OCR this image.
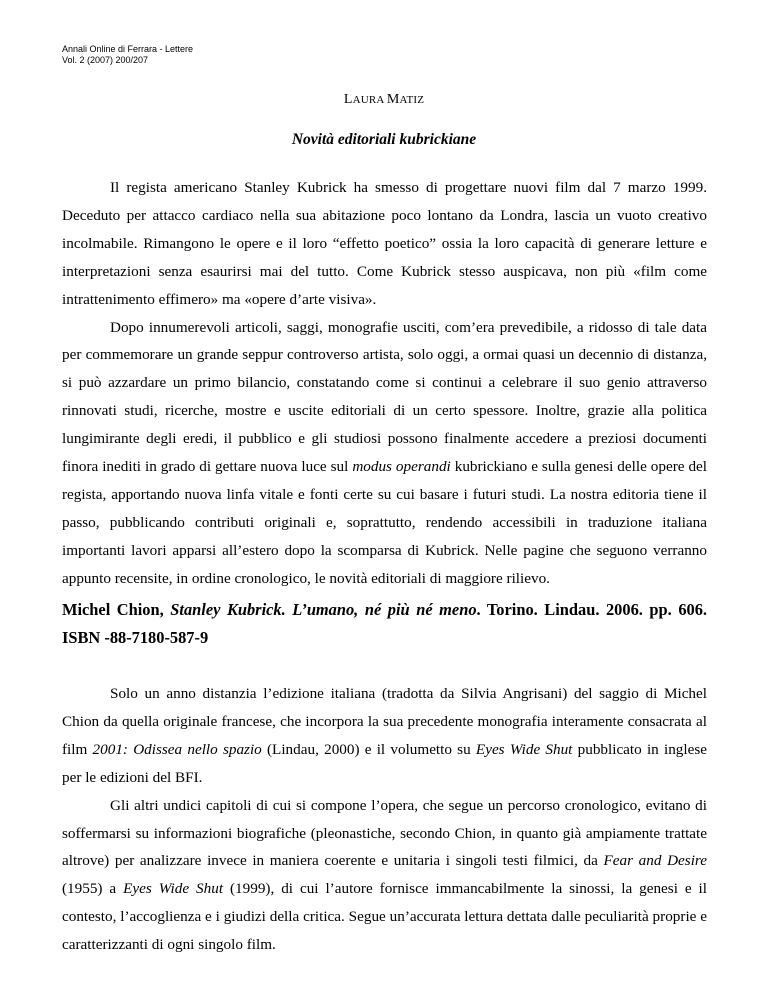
Annali Online di Ferrara - Lettere
Vol. 2 (2007) 200/207
LAURA MATIZ
Novità editoriali kubrickiane

Il regista americano Stanley Kubrick ha smesso di progettare nuovi film dal 7 marzo 1999. Deceduto per attacco cardiaco nella sua abitazione poco lontano da Londra, lascia un vuoto creativo incolmabile. Rimangono le opere e il loro “effetto poetico” ossia la loro capacità di generare letture e interpretazioni senza esaurirsi mai del tutto. Come Kubrick stesso auspicava, non più «film come intrattenimento effimero» ma «opere d’arte visiva».

Dopo innumerevoli articoli, saggi, monografie usciti, com’era prevedibile, a ridosso di tale data per commemorare un grande seppur controverso artista, solo oggi, a ormai quasi un decennio di distanza, si può azzardare un primo bilancio, constatando come si continui a celebrare il suo genio attraverso rinnovati studi, ricerche, mostre e uscite editoriali di un certo spessore. Inoltre, grazie alla politica lungimirante degli eredi, il pubblico e gli studiosi possono finalmente accedere a preziosi documenti finora inediti in grado di gettare nuova luce sul modus operandi kubrickiano e sulla genesi delle opere del regista, apportando nuova linfa vitale e fonti certe su cui basare i futuri studi. La nostra editoria tiene il passo, pubblicando contributi originali e, soprattutto, rendendo accessibili in traduzione italiana importanti lavori apparsi all’estero dopo la scomparsa di Kubrick. Nelle pagine che seguono verranno appunto recensite, in ordine cronologico, le novità editoriali di maggiore rilievo.

Michel Chion, Stanley Kubrick. L’umano, né più né meno. Torino. Lindau. 2006. pp. 606. ISBN -88-7180-587-9

Solo un anno distanzia l’edizione italiana (tradotta da Silvia Angrisani) del saggio di Michel Chion da quella originale francese, che incorpora la sua precedente monografia interamente consacrata al film 2001: Odissea nello spazio (Lindau, 2000) e il volumetto su Eyes Wide Shut pubblicato in inglese per le edizioni del BFI.

Gli altri undici capitoli di cui si compone l’opera, che segue un percorso cronologico, evitano di soffermarsi su informazioni biografiche (pleonastiche, secondo Chion, in quanto già ampiamente trattate altrove) per analizzare invece in maniera coerente e unitaria i singoli testi filmici, da Fear and Desire (1955) a Eyes Wide Shut (1999), di cui l’autore fornisce immancabilmente la sinossi, la genesi e il contesto, l’accoglienza e i giudizi della critica. Segue un’accurata lettura dettata dalle peculiarità proprie e caratterizzanti di ogni singolo film.
